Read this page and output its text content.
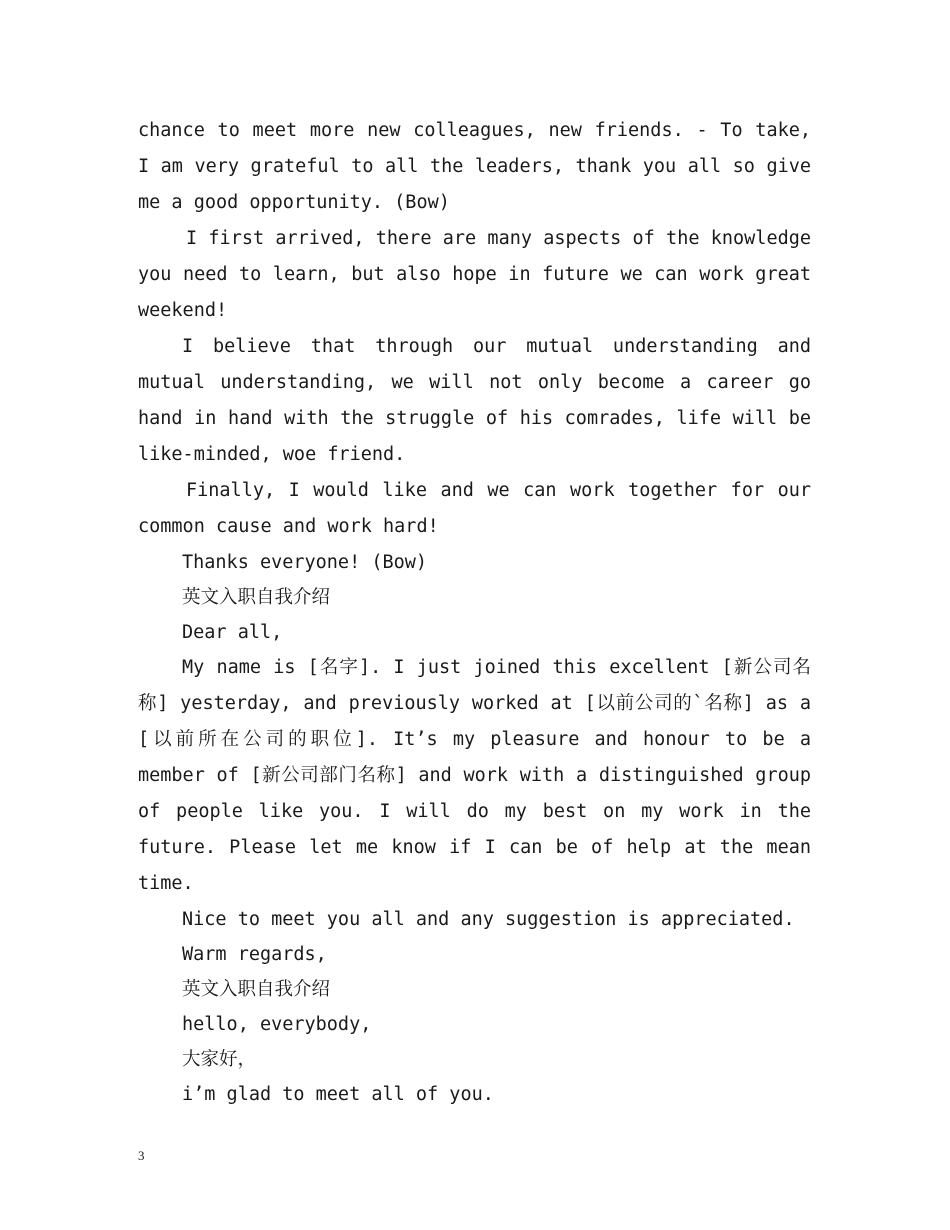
chance to meet more new colleagues, new friends. - To take, I am very grateful to all the leaders, thank you all so give me a good opportunity. (Bow)

I first arrived, there are many aspects of the knowledge you need to learn, but also hope in future we can work great weekend!

I believe that through our mutual understanding and mutual understanding, we will not only become a career go hand in hand with the struggle of his comrades, life will be like-minded, woe friend.

Finally, I would like and we can work together for our common cause and work hard!

Thanks everyone! (Bow)

英文入职自我介绍

Dear all,

My name is [名字]. I just joined this excellent [新公司名称] yesterday, and previously worked at [以前公司的`名称] as a [以前所在公司的职位]. It’s my pleasure and honour to be a member of [新公司部门名称] and work with a distinguished group of people like you. I will do my best on my work in the future. Please let me know if I can be of help at the mean time.

Nice to meet you all and any suggestion is appreciated.

Warm regards,

英文入职自我介绍

hello, everybody,

大家好，

i’m glad to meet all of you.

3
